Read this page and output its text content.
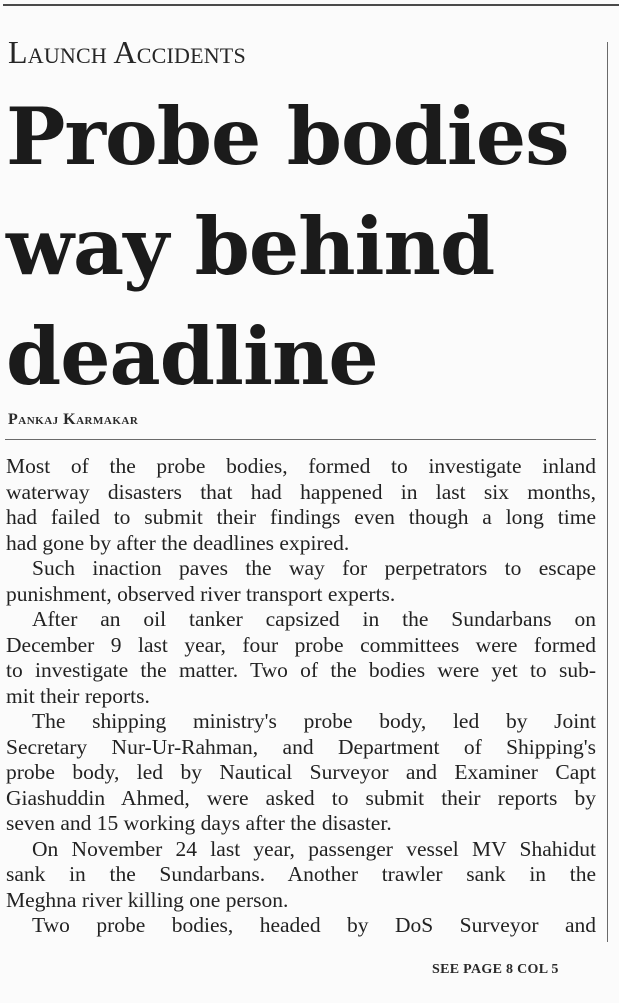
Launch Accidents
Probe bodies
way behind
deadline
Pankaj Karmakar
Most of the probe bodies, formed to investigate inland
waterway disasters that had happened in last six months,
had failed to submit their findings even though a long time
had gone by after the deadlines expired.
Such inaction paves the way for perpetrators to escape
punishment, observed river transport experts.
After an oil tanker capsized in the Sundarbans on
December 9 last year, four probe committees were formed
to investigate the matter. Two of the bodies were yet to sub-
mit their reports.
The shipping ministry's probe body, led by Joint
Secretary Nur-Ur-Rahman, and Department of Shipping's
probe body, led by Nautical Surveyor and Examiner Capt
Giashuddin Ahmed, were asked to submit their reports by
seven and 15 working days after the disaster.
On November 24 last year, passenger vessel MV Shahidut
sank in the Sundarbans. Another trawler sank in the
Meghna river killing one person.
Two probe bodies, headed by DoS Surveyor and
SEE PAGE 8 COL 5
